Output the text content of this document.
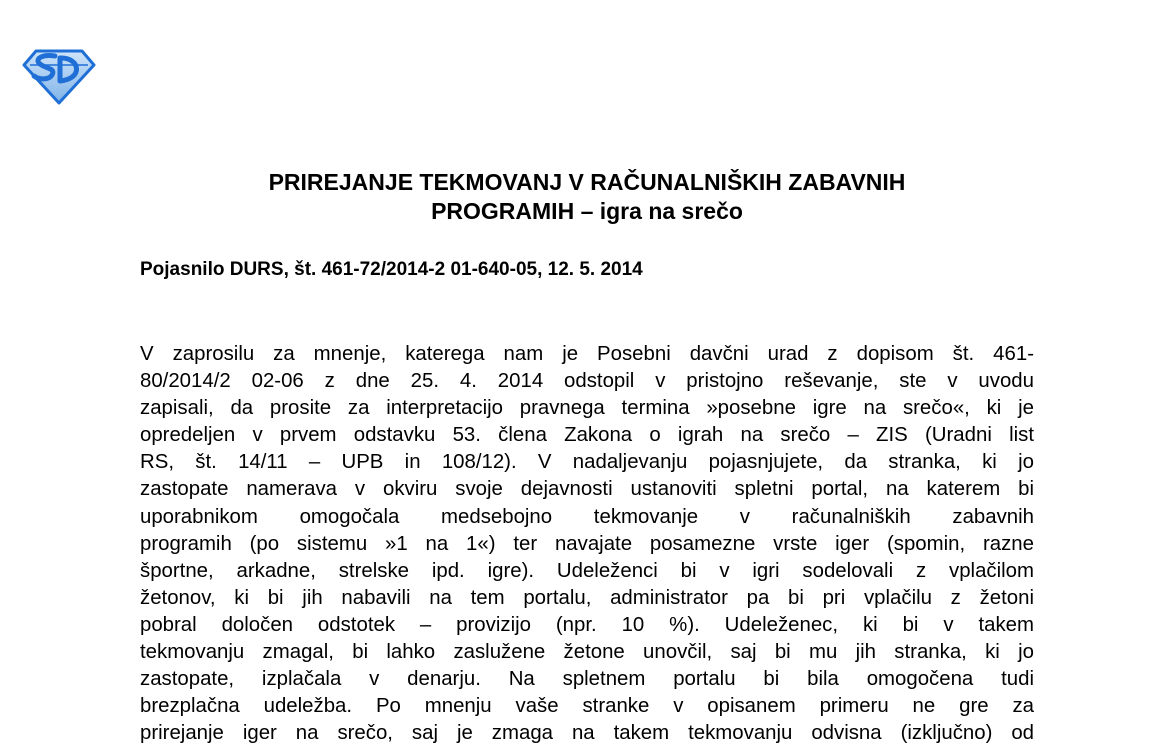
PRIREJANJE TEKMOVANJ V RAČUNALNIŠKIH ZABAVNIH
PROGRAMIH – igra na srečo

Pojasnilo DURS, št. 461-72/2014-2 01-640-05, 12. 5. 2014

V zaprosilu za mnenje, katerega nam je Posebni davčni urad z dopisom št. 461-
80/2014/2 02-06 z dne 25. 4. 2014 odstopil v pristojno reševanje, ste v uvodu
zapisali, da prosite za interpretacijo pravnega termina »posebne igre na srečo«, ki je
opredeljen v prvem odstavku 53. člena Zakona o igrah na srečo – ZIS (Uradni list
RS, št. 14/11 – UPB in 108/12). V nadaljevanju pojasnjujete, da stranka, ki jo
zastopate namerava v okviru svoje dejavnosti ustanoviti spletni portal, na katerem bi
uporabnikom omogočala medsebojno tekmovanje v računalniških zabavnih
programih (po sistemu »1 na 1«) ter navajate posamezne vrste iger (spomin, razne
športne, arkadne, strelske ipd. igre). Udeleženci bi v igri sodelovali z vplačilom
žetonov, ki bi jih nabavili na tem portalu, administrator pa bi pri vplačilu z žetoni
pobral določen odstotek – provizijo (npr. 10 %). Udeleženec, ki bi v takem
tekmovanju zmagal, bi lahko zaslužene žetone unovčil, saj bi mu jih stranka, ki jo
zastopate, izplačala v denarju. Na spletnem portalu bi bila omogočena tudi
brezplačna udeležba. Po mnenju vaše stranke v opisanem primeru ne gre za
prirejanje iger na srečo, saj je zmaga na takem tekmovanju odvisna (izključno) od
